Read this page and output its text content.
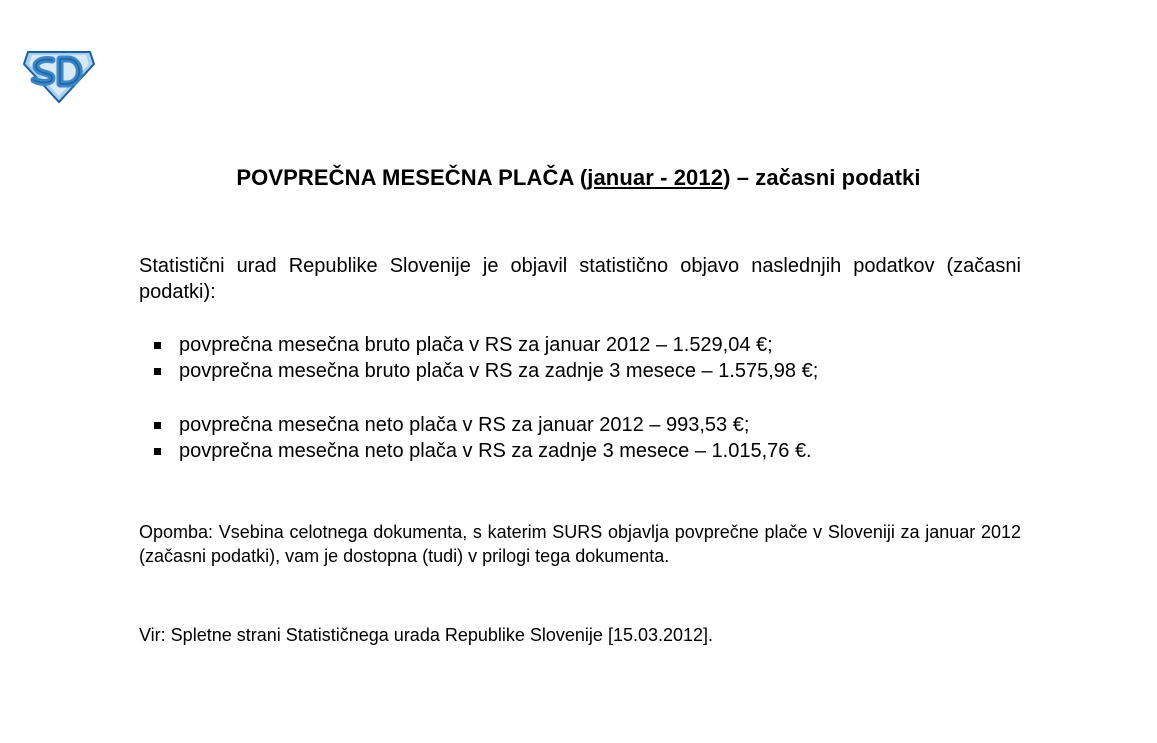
POVPREČNA MESEČNA PLAČA (januar - 2012) – začasni podatki
Statistični urad Republike Slovenije je objavil statistično objavo naslednjih podatkov (začasni podatki):
povprečna mesečna bruto plača v RS za januar 2012 – 1.529,04 €;
povprečna mesečna bruto plača v RS za zadnje 3 mesece – 1.575,98 €;
povprečna mesečna neto plača v RS za januar 2012 – 993,53 €;
povprečna mesečna neto plača v RS za zadnje 3 mesece – 1.015,76 €.
Opomba: Vsebina celotnega dokumenta, s katerim SURS objavlja povprečne plače v Sloveniji za januar 2012 (začasni podatki), vam je dostopna (tudi) v prilogi tega dokumenta.
Vir: Spletne strani Statističnega urada Republike Slovenije [15.03.2012].
